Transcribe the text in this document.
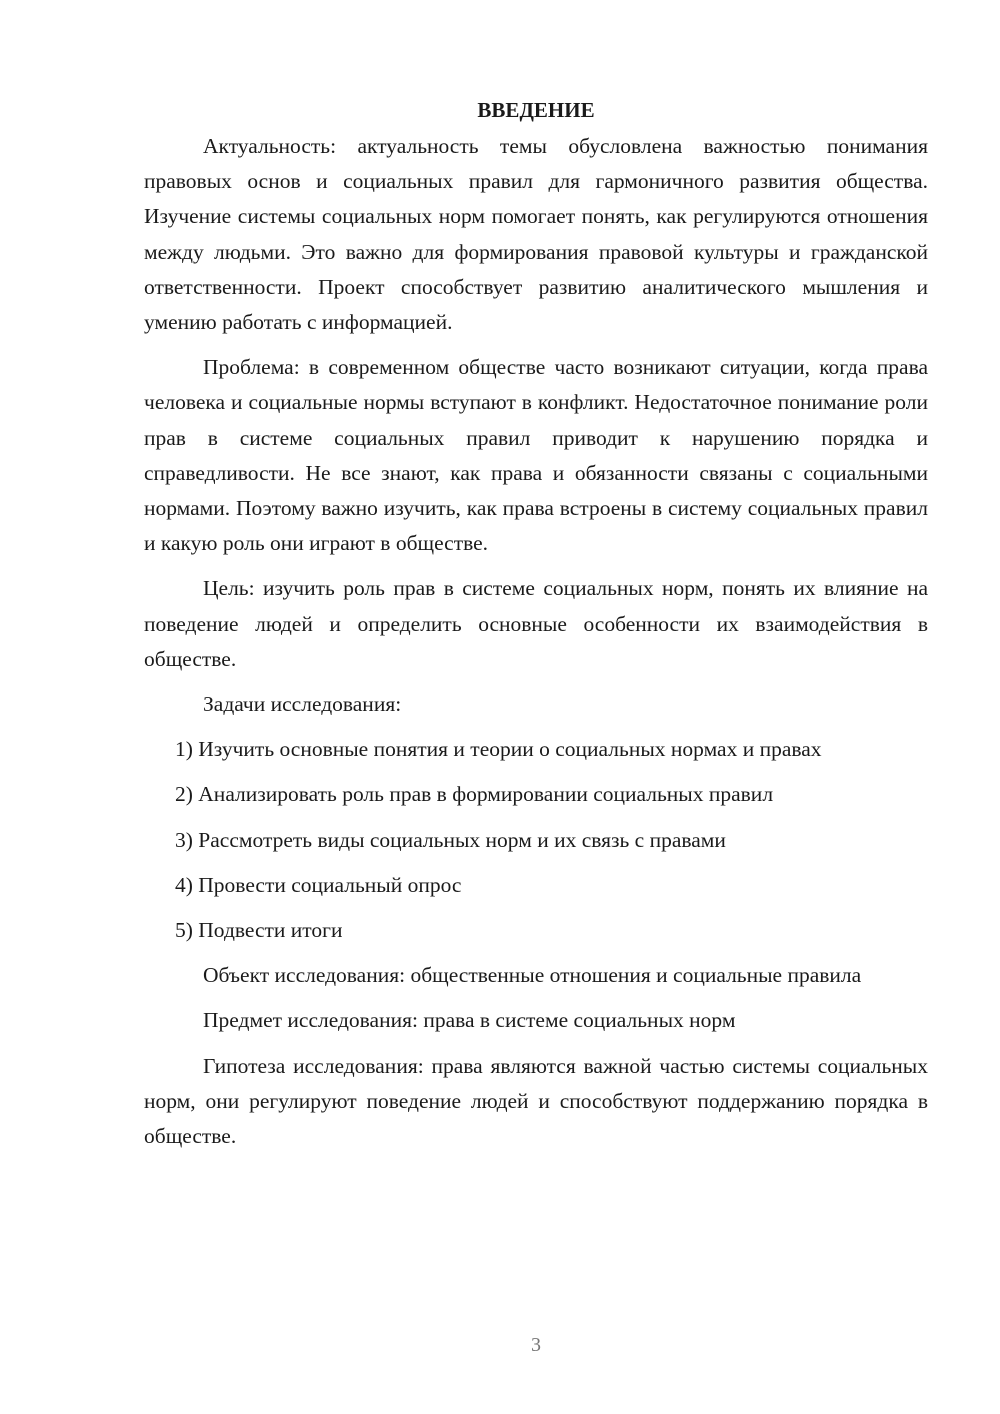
ВВЕДЕНИЕ

Актуальность: актуальность темы обусловлена важностью понимания правовых основ и социальных правил для гармоничного развития общества. Изучение системы социальных норм помогает понять, как регулируются отношения между людьми. Это важно для формирования правовой культуры и гражданской ответственности. Проект способствует развитию аналитического мышления и умению работать с информацией.

Проблема: в современном обществе часто возникают ситуации, когда права человека и социальные нормы вступают в конфликт. Недостаточное понимание роли прав в системе социальных правил приводит к нарушению порядка и справедливости. Не все знают, как права и обязанности связаны с социальными нормами. Поэтому важно изучить, как права встроены в систему социальных правил и какую роль они играют в обществе.

Цель: изучить роль прав в системе социальных норм, понять их влияние на поведение людей и определить основные особенности их взаимодействия в обществе.

Задачи исследования:

1) Изучить основные понятия и теории о социальных нормах и правах

2) Анализировать роль прав в формировании социальных правил

3) Рассмотреть виды социальных норм и их связь с правами

4) Провести социальный опрос

5) Подвести итоги

Объект исследования: общественные отношения и социальные правила

Предмет исследования: права в системе социальных норм

Гипотеза исследования: права являются важной частью системы социальных норм, они регулируют поведение людей и способствуют поддержанию порядка в обществе.

3
